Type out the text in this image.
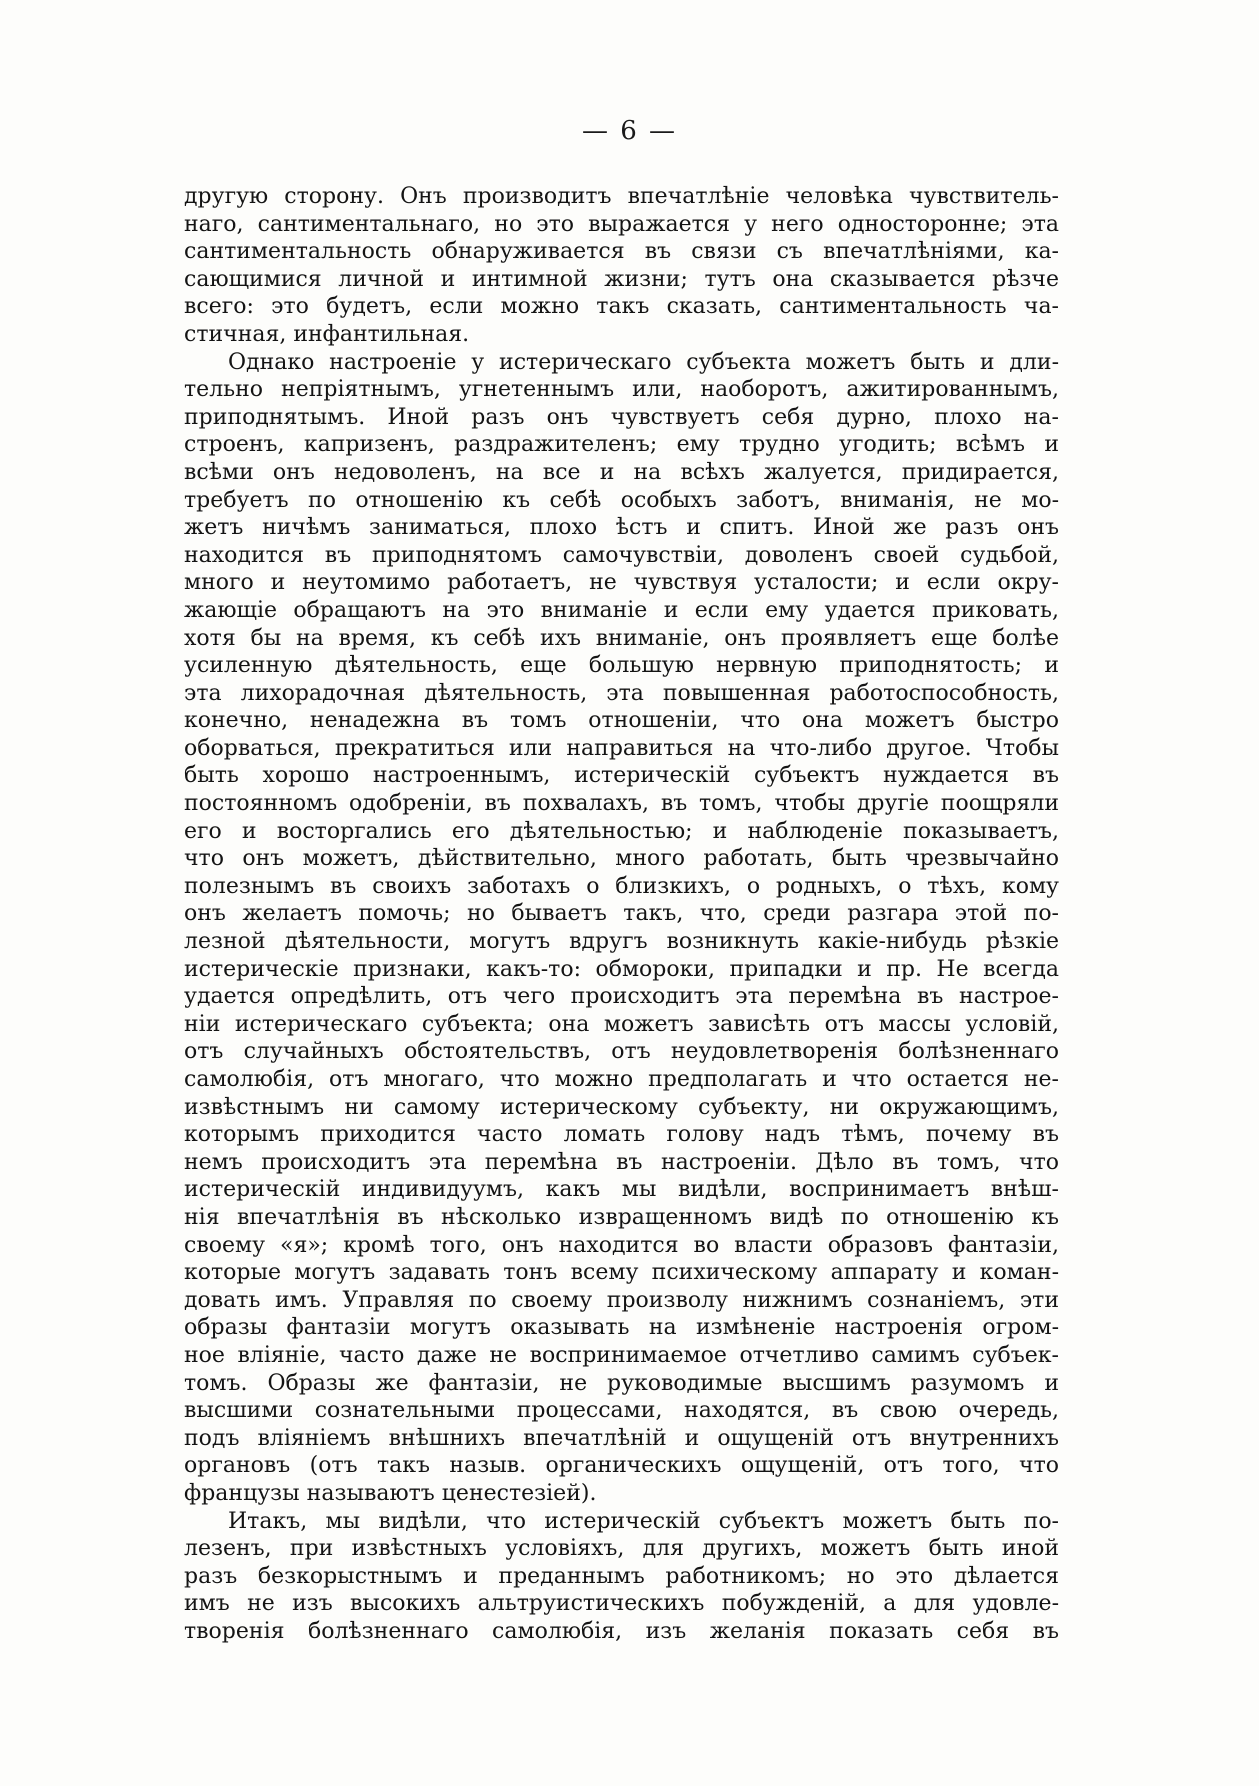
— 6 —
другую сторону. Онъ производитъ впечатлѣніе человѣка чувствитель-
наго, сантиментальнаго, но это выражается у него одностороннe; эта
сантиментальность обнаруживается въ связи съ впечатлѣніями, ка-
сающимися личной и интимной жизни; тутъ она сказывается рѣзче
всего: это будетъ, если можно такъ сказать, сантиментальность ча-
стичная, инфантильная.
Однако настроеніе у истерическаго субъекта можетъ быть и дли-
тельно непріятнымъ, угнетеннымъ или, наоборотъ, ажитированнымъ,
приподнятымъ. Иной разъ онъ чувствуетъ себя дурно, плохо на-
строенъ, капризенъ, раздражителенъ; ему трудно угодить; всѣмъ и
всѣми онъ недоволенъ, на все и на всѣхъ жалуется, придирается,
требуетъ по отношенію къ себѣ особыхъ заботъ, вниманія, не мо-
жетъ ничѣмъ заниматься, плохо ѣстъ и спитъ. Иной же разъ онъ
находится въ приподнятомъ самочувствіи, доволенъ своей судьбой,
много и неутомимо работаетъ, не чувствуя усталости; и если окру-
жающіе обращаютъ на это вниманіе и если ему удается приковать,
хотя бы на время, къ себѣ ихъ вниманіе, онъ проявляетъ еще болѣе
усиленную дѣятельность, еще большую нервную приподнятость; и
эта лихорадочная дѣятельность, эта повышенная работоспособность,
конечно, ненадежна въ томъ отношеніи, что она можетъ быстро
оборваться, прекратиться или направиться на что-либо другое. Чтобы
быть хорошо настроеннымъ, истерическій субъектъ нуждается въ
постоянномъ одобреніи, въ похвалахъ, въ томъ, чтобы другіе поощряли
его и восторгались его дѣятельностью; и наблюденіе показываетъ,
что онъ можетъ, дѣйствительно, много работать, быть чрезвычайно
полезнымъ въ своихъ заботахъ о близкихъ, о родныхъ, о тѣхъ, кому
онъ желаетъ помочь; но бываетъ такъ, что, среди разгара этой по-
лезной дѣятельности, могутъ вдругъ возникнуть какіе-нибудь рѣзкіе
истерическіе признаки, какъ-то: обмороки, припадки и пр. Не всегда
удается опредѣлить, отъ чего происходитъ эта перемѣна въ настрое-
ніи истерическаго субъекта; она можетъ зависѣть отъ массы условій,
отъ случайныхъ обстоятельствъ, отъ неудовлетворенія болѣзненнаго
самолюбія, отъ многаго, что можно предполагать и что остается не-
извѣстнымъ ни самому истерическому субъекту, ни окружающимъ,
которымъ приходится часто ломать голову надъ тѣмъ, почему въ
немъ происходитъ эта перемѣна въ настроеніи. Дѣло въ томъ, что
истерическій индивидуумъ, какъ мы видѣли, воспринимаетъ внѣш-
нія впечатлѣнія въ нѣсколько извращенномъ видѣ по отношенію къ
своему «я»; кромѣ того, онъ находится во власти образовъ фантазіи,
которые могутъ задавать тонъ всему психическому аппарату и коман-
довать имъ. Управляя по своему произволу нижнимъ сознаніемъ, эти
образы фантазіи могутъ оказывать на измѣненіе настроенія огром-
ное вліяніе, часто даже не воспринимаемое отчетливо самимъ субъек-
томъ. Образы же фантазіи, не руководимые высшимъ разумомъ и
высшими сознательными процессами, находятся, въ свою очередь,
подъ вліяніемъ внѣшнихъ впечатлѣній и ощущеній отъ внутреннихъ
органовъ (отъ такъ назыв. органическихъ ощущеній, отъ того, что
французы называютъ ценестезіей).
Итакъ, мы видѣли, что истерическій субъектъ можетъ быть по-
лезенъ, при извѣстныхъ условіяхъ, для другихъ, можетъ быть иной
разъ безкорыстнымъ и преданнымъ работникомъ; но это дѣлается
имъ не изъ высокихъ альтруистическихъ побужденій, а для удовле-
творенія болѣзненнаго самолюбія, изъ желанія показать себя въ
